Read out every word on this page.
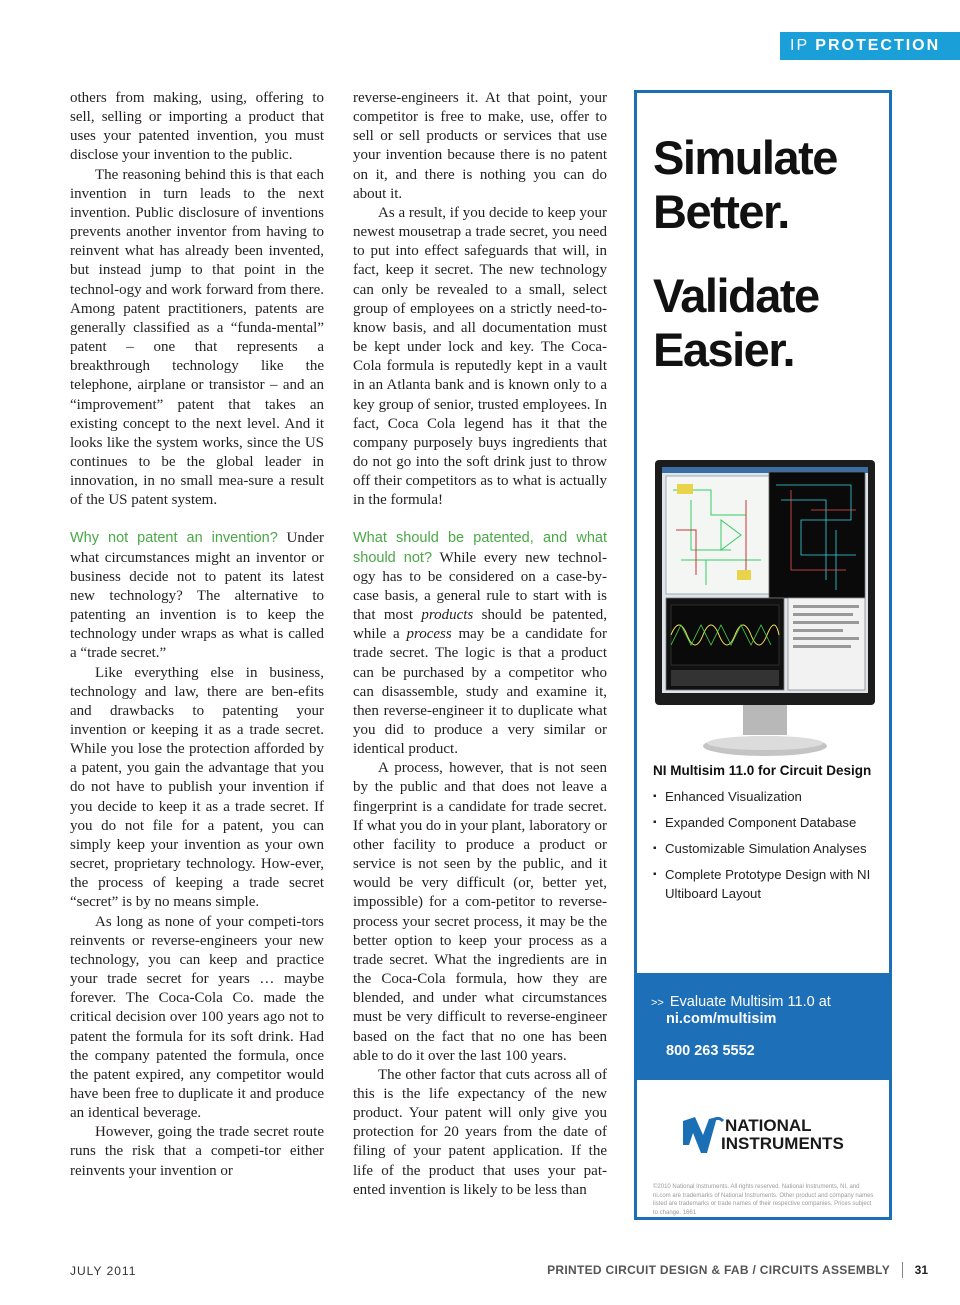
IP PROTECTION

others from making, using, offering to sell, selling or importing a product that uses your patented invention, you must disclose your invention to the public.

The reasoning behind this is that each invention in turn leads to the next invention. Public disclosure of inventions prevents another inventor from having to reinvent what has already been invented, but instead jump to that point in the technol-ogy and work forward from there. Among patent practitioners, patents are generally classified as a “funda-mental” patent – one that represents a breakthrough technology like the telephone, airplane or transistor – and an “improvement” patent that takes an existing concept to the next level. And it looks like the system works, since the US continues to be the global leader in innovation, in no small mea-sure a result of the US patent system.

Why not patent an invention? Under what circumstances might an inventor or business decide not to patent its latest new technology? The alternative to patenting an invention is to keep the technology under wraps as what is called a “trade secret.”

Like everything else in business, technology and law, there are ben-efits and drawbacks to patenting your invention or keeping it as a trade secret. While you lose the protection afforded by a patent, you gain the advantage that you do not have to publish your invention if you decide to keep it as a trade secret. If you do not file for a patent, you can simply keep your invention as your own secret, proprietary technology. How-ever, the process of keeping a trade secret “secret” is by no means simple.

As long as none of your competi-tors reinvents or reverse-engineers your new technology, you can keep and practice your trade secret for years … maybe forever. The Coca-Cola Co. made the critical decision over 100 years ago not to patent the formula for its soft drink. Had the company patented the formula, once the patent expired, any competitor would have been free to duplicate it and produce an identical beverage.

However, going the trade secret route runs the risk that a competi-tor either reinvents your invention or

reverse-engineers it. At that point, your competitor is free to make, use, offer to sell or sell products or services that use your invention because there is no patent on it, and there is nothing you can do about it.

As a result, if you decide to keep your newest mousetrap a trade secret, you need to put into effect safeguards that will, in fact, keep it secret. The new technology can only be revealed to a small, select group of employees on a strictly need-to-know basis, and all documentation must be kept under lock and key. The Coca-Cola formula is reputedly kept in a vault in an Atlanta bank and is known only to a key group of senior, trusted employees. In fact, Coca Cola legend has it that the company purposely buys ingredients that do not go into the soft drink just to throw off their competitors as to what is actually in the formula!

What should be patented, and what should not? While every new technol-ogy has to be considered on a case-by-case basis, a general rule to start with is that most products should be patented, while a process may be a candidate for trade secret. The logic is that a product can be purchased by a competitor who can disassemble, study and examine it, then reverse-engineer it to duplicate what you did to produce a very similar or identical product.

A process, however, that is not seen by the public and that does not leave a fingerprint is a candidate for trade secret. If what you do in your plant, laboratory or other facility to produce a product or service is not seen by the public, and it would be very difficult (or, better yet, impossible) for a com-petitor to reverse-process your secret process, it may be the better option to keep your process as a trade secret. What the ingredients are in the Coca-Cola formula, how they are blended, and under what circumstances must be very difficult to reverse-engineer based on the fact that no one has been able to do it over the last 100 years.

The other factor that cuts across all of this is the life expectancy of the new product. Your patent will only give you protection for 20 years from the date of filing of your patent application. If the life of the product that uses your pat-ented invention is likely to be less than

Simulate
Better.
Validate
Easier.
NI Multisim 11.0 for Circuit Design
▪ Enhanced Visualization
▪ Expanded Component Database
▪ Customizable Simulation Analyses
▪ Complete Prototype Design with NI Ultiboard Layout
>> Evaluate Multisim 11.0 at
ni.com/multisim
800 263 5552
NATIONAL
INSTRUMENTS
©2010 National Instruments. All rights reserved. National Instruments, NI, and ni.com are trademarks of National Instruments. Other product and company names listed are trademarks or trade names of their respective companies. Prices subject to change. 1661
JULY 2011	PRINTED CIRCUIT DESIGN & FAB / CIRCUITS ASSEMBLY 31
